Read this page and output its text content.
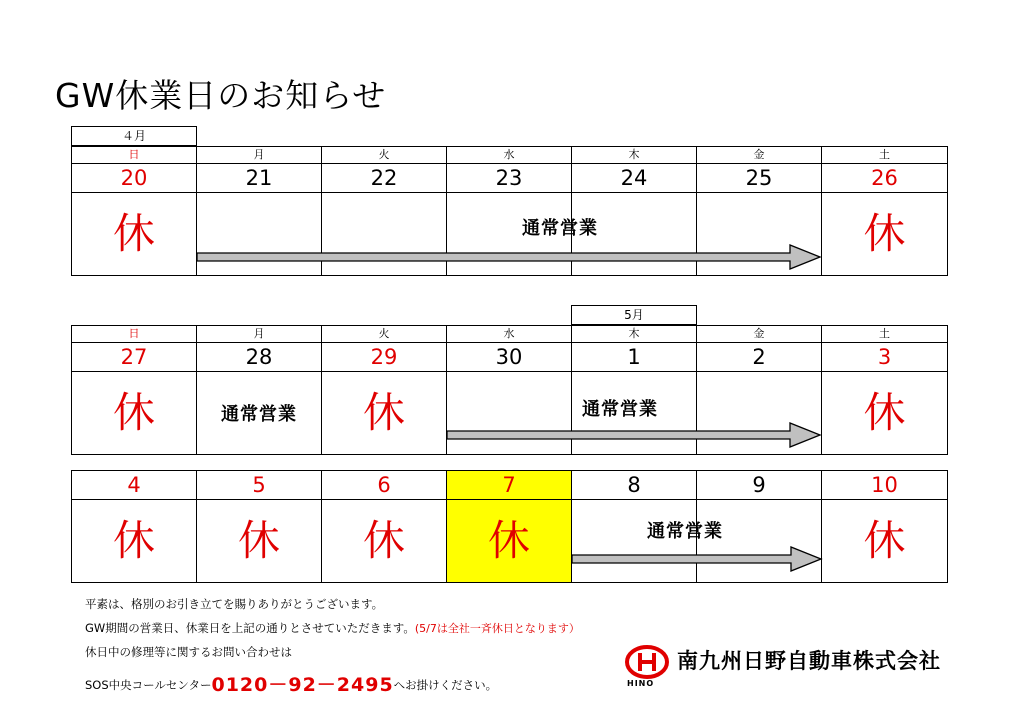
GW休業日のお知らせ
４月
日	月	火	水	木	金	土
20	21	22	23	24	25	26
休						休
通常営業
5月
日	月	火	水	木	金	土
27	28	29	30	1	2	3
休	通常営業	休				休
通常営業
4	5	6	7	8	9	10
休	休	休	休			休
通常営業
平素は、格別のお引き立てを賜りありがとうございます。
GW期間の営業日、休業日を上記の通りとさせていただきます。(5/7は全社一斉休日となります）
休日中の修理等に関するお問い合わせは
SOS中央コールセンター0120－92－2495へお掛けください。	HINO
南九州日野自動車株式会社
